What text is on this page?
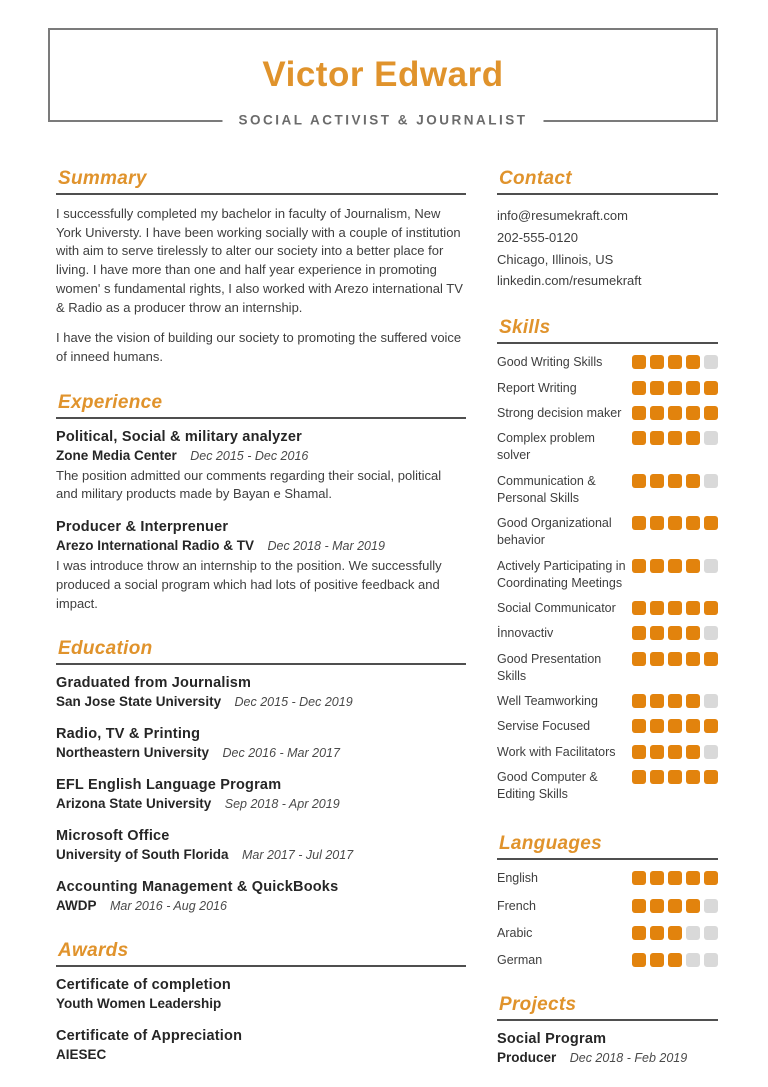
Victor Edward
SOCIAL ACTIVIST & JOURNALIST
Summary

I successfully completed my bachelor in faculty of Journalism, New York Universty. I have been working socially with a couple of institution with aim to serve tirelessly to alter our society into a better place for living. I have more than one and half year experience in promoting women' s fundamental rights, I also worked with Arezo international TV & Radio as a producer throw an internship.

I have the vision of building our society to promoting the suffered voice of inneed humans.

Experience
Political, Social & military analyzer
Zone Media Center Dec 2015 - Dec 2016

The position admitted our comments regarding their social, political and military products made by Bayan e Shamal.

Producer & Interprenuer
Arezo International Radio & TV Dec 2018 - Mar 2019

I was introduce throw an internship to the position. We successfully produced a social program which had lots of positive feedback and impact.

Education
Graduated from Journalism
San Jose State University Dec 2015 - Dec 2019
Radio, TV & Printing
Northeastern University Dec 2016 - Mar 2017
EFL English Language Program
Arizona State University Sep 2018 - Apr 2019
Microsoft Office
University of South Florida Mar 2017 - Jul 2017
Accounting Management & QuickBooks
AWDP Mar 2016 - Aug 2016
Awards
Certificate of completion
Youth Women Leadership
Certificate of Appreciation
AIESEC
Contact
info@resumekraft.com
202-555-0120
Chicago, Illinois, US
linkedin.com/resumekraft
Skills
Good Writing Skills
Report Writing
Strong decision maker
Complex problem solver
Communication & Personal Skills
Good Organizational behavior
Actively Participating in Coordinating Meetings
Social Communicator
İnnovactiv
Good Presentation Skills
Well Teamworking
Servise Focused
Work with Facilitators
Good Computer & Editing Skills
Languages
English
French
Arabic
German
Projects
Social Program
Producer Dec 2018 - Feb 2019
